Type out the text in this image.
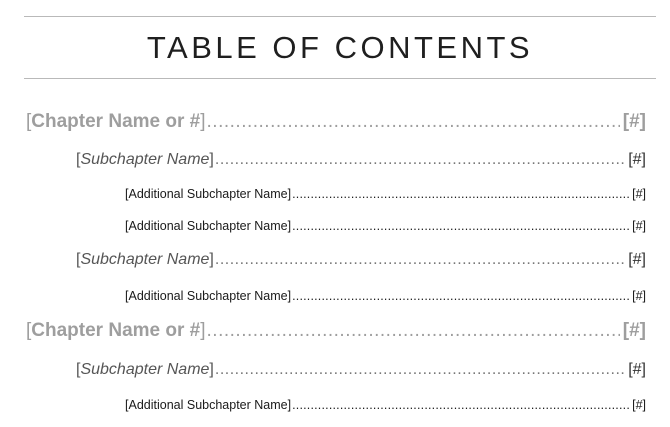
TABLE OF CONTENTS
[Chapter Name or #] .....	[#]
[Subchapter Name] .....	[#]
[Additional Subchapter Name] .....	[#]
[Additional Subchapter Name] .....	[#]
[Subchapter Name] .....	[#]
[Additional Subchapter Name] .....	[#]
[Chapter Name or #] .....	[#]
[Subchapter Name] .....	[#]
[Additional Subchapter Name] .....	[#]
